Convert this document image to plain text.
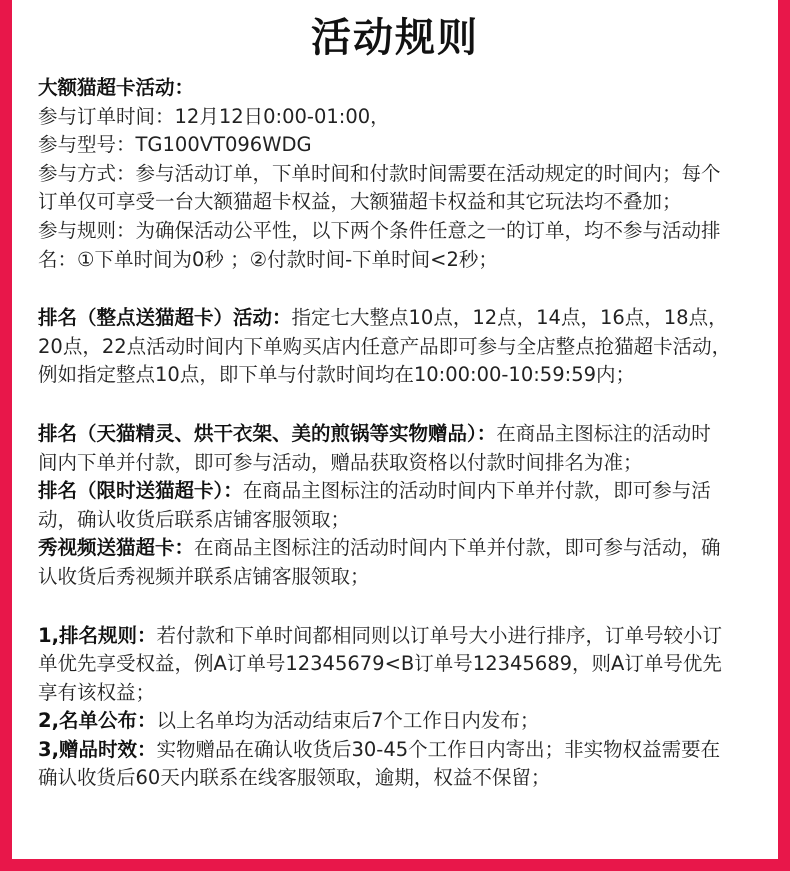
活动规则
大额猫超卡活动：
参与订单时间：12月12日0:00-01:00，
参与型号：TG100VT096WDG
参与方式：参与活动订单，下单时间和付款时间需要在活动规定的时间内；每个
订单仅可享受一台大额猫超卡权益，大额猫超卡权益和其它玩法均不叠加；
参与规则：为确保活动公平性，以下两个条件任意之一的订单，均不参与活动排
名：①下单时间为0秒 ；②付款时间-下单时间<2秒；
排名（整点送猫超卡）活动：指定七大整点10点，12点，14点，16点，18点，
20点，22点活动时间内下单购买店内任意产品即可参与全店整点抢猫超卡活动，
例如指定整点10点，即下单与付款时间均在10:00:00-10:59:59内；
排名（天猫精灵、烘干衣架、美的煎锅等实物赠品）：在商品主图标注的活动时
间内下单并付款，即可参与活动，赠品获取资格以付款时间排名为准；
排名（限时送猫超卡）：在商品主图标注的活动时间内下单并付款，即可参与活
动，确认收货后联系店铺客服领取；
秀视频送猫超卡：在商品主图标注的活动时间内下单并付款，即可参与活动，确
认收货后秀视频并联系店铺客服领取；
1,排名规则：若付款和下单时间都相同则以订单号大小进行排序，订单号较小订
单优先享受权益，例A订单号12345679<B订单号12345689，则A订单号优先
享有该权益；
2,名单公布：以上名单均为活动结束后7个工作日内发布；
3,赠品时效：实物赠品在确认收货后30-45个工作日内寄出；非实物权益需要在
确认收货后60天内联系在线客服领取，逾期，权益不保留；
